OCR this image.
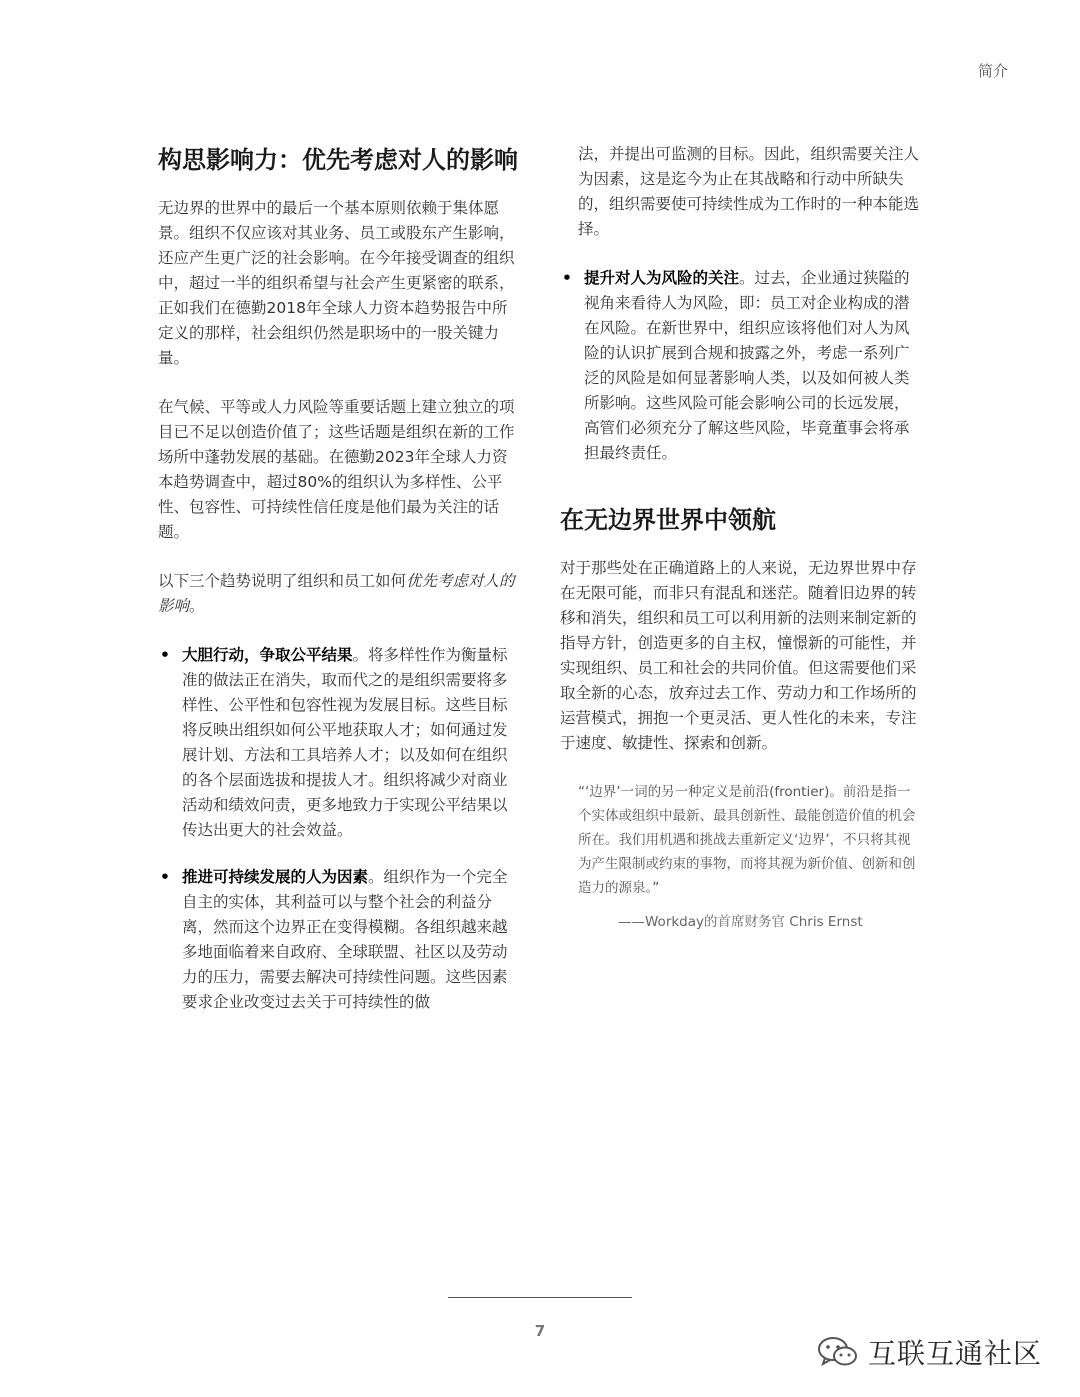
简介
构思影响力：优先考虑对人的影响

无边界的世界中的最后一个基本原则依赖于集体愿景。组织不仅应该对其业务、员工或股东产生影响，还应产生更广泛的社会影响。在今年接受调查的组织中，超过一半的组织希望与社会产生更紧密的联系，正如我们在德勤2018年全球人力资本趋势报告中所定义的那样，社会组织仍然是职场中的一股关键力量。

在气候、平等或人力风险等重要话题上建立独立的项目已不足以创造价值了；这些话题是组织在新的工作场所中蓬勃发展的基础。在德勤2023年全球人力资本趋势调查中，超过80%的组织认为多样性、公平性、包容性、可持续性信任度是他们最为关注的话题。

以下三个趋势说明了组织和员工如何优先考虑对人的影响。

• 大胆行动，争取公平结果。将多样性作为衡量标准的做法正在消失，取而代之的是组织需要将多样性、公平性和包容性视为发展目标。这些目标将反映出组织如何公平地获取人才；如何通过发展计划、方法和工具培养人才；以及如何在组织的各个层面选拔和提拔人才。组织将减少对商业活动和绩效问责，更多地致力于实现公平结果以传达出更大的社会效益。
• 推进可持续发展的人为因素。组织作为一个完全自主的实体，其利益可以与整个社会的利益分离，然而这个边界正在变得模糊。各组织越来越多地面临着来自政府、全球联盟、社区以及劳动力的压力，需要去解决可持续性问题。这些因素要求企业改变过去关于可持续性的做

法，并提出可监测的目标。因此，组织需要关注人为因素，这是迄今为止在其战略和行动中所缺失的，组织需要使可持续性成为工作时的一种本能选择。

• 提升对人为风险的关注。过去，企业通过狭隘的视角来看待人为风险，即：员工对企业构成的潜在风险。在新世界中，组织应该将他们对人为风险的认识扩展到合规和披露之外，考虑一系列广泛的风险是如何显著影响人类，以及如何被人类所影响。这些风险可能会影响公司的长远发展，高管们必须充分了解这些风险，毕竟董事会将承担最终责任。
在无边界世界中领航

对于那些处在正确道路上的人来说，无边界世界中存在无限可能，而非只有混乱和迷茫。随着旧边界的转移和消失，组织和员工可以利用新的法则来制定新的指导方针，创造更多的自主权，憧憬新的可能性，并实现组织、员工和社会的共同价值。但这需要他们采取全新的心态，放弃过去工作、劳动力和工作场所的运营模式，拥抱一个更灵活、更人性化的未来，专注于速度、敏捷性、探索和创新。

“‘边界’一词的另一种定义是前沿(frontier)。前沿是指一个实体或组织中最新、最具创新性、最能创造价值的机会所在。我们用机遇和挑战去重新定义‘边界’，不只将其视为产生限制或约束的事物，而将其视为新价值、创新和创造力的源泉。”
——Workday的首席财务官 Chris Ernst
7
互联互通社区
